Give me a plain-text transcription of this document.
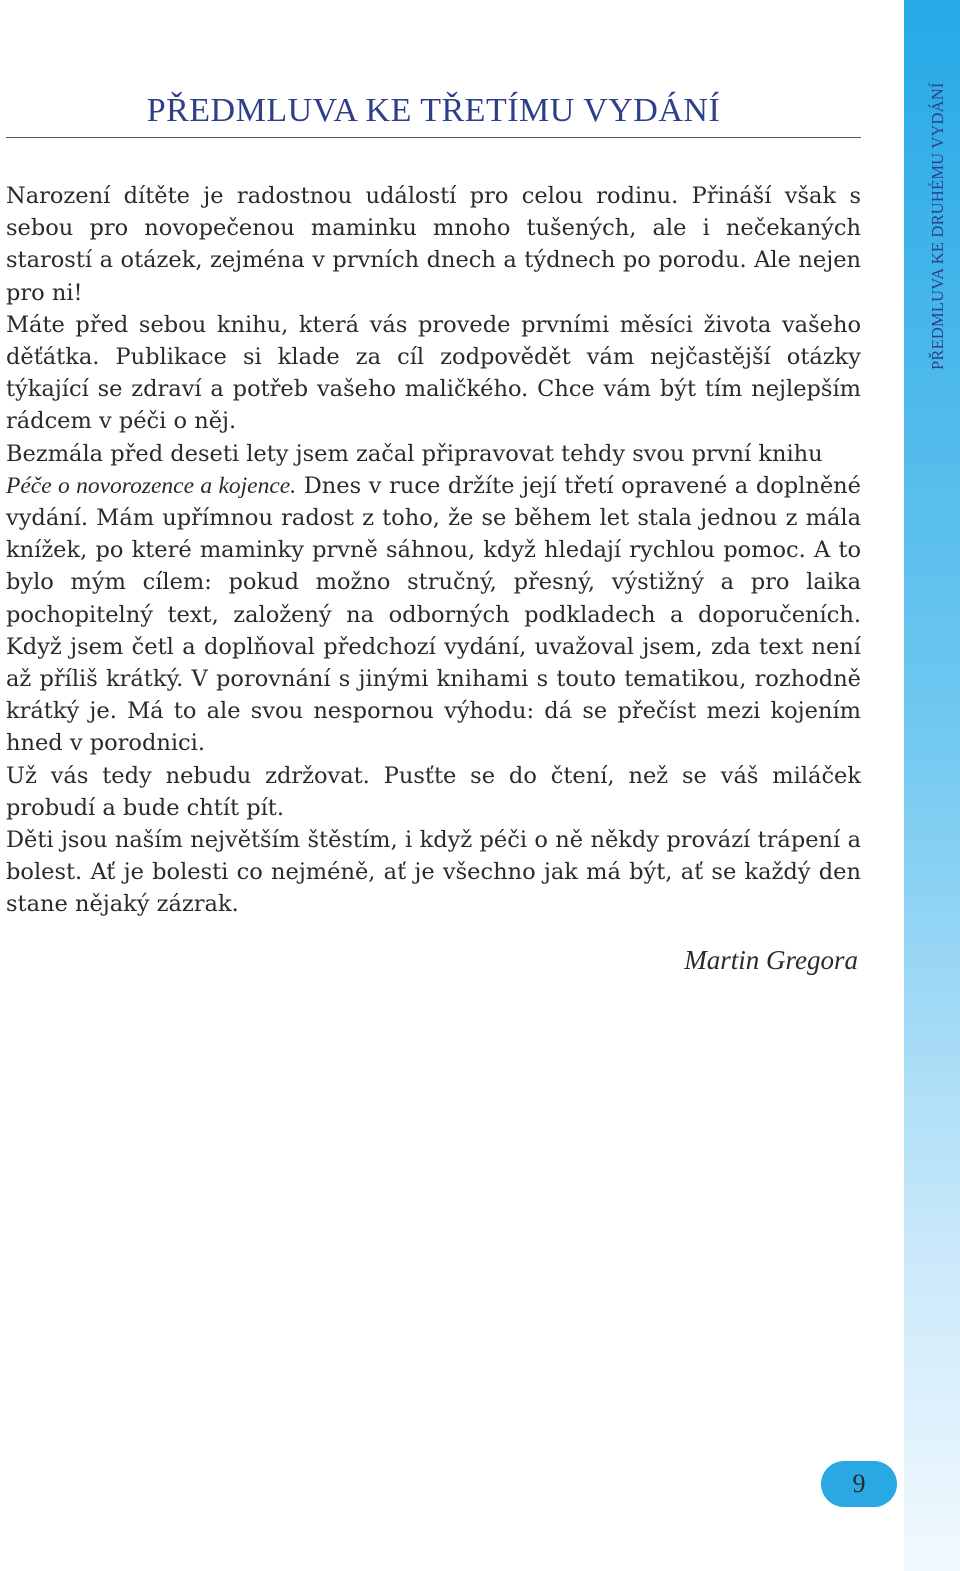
PŘEDMLUVA KE TŘETÍMU VYDÁNÍ

Narození dítěte je radostnou událostí pro celou rodinu. Přináší však s sebou pro novopečenou maminku mnoho tušených, ale i nečekaných starostí a otázek, zejména v prvních dnech a týdnech po porodu. Ale nejen pro ni!

Máte před sebou knihu, která vás provede prvními měsíci života vašeho děťátka. Publikace si klade za cíl zodpovědět vám nejčastější otázky týkající se zdraví a potřeb vašeho maličkého. Chce vám být tím nejlepším rádcem v péči o něj.

Bezmála před deseti lety jsem začal připravovat tehdy svou první knihu
Péče o novorozence a kojence. Dnes v ruce držíte její třetí opravené a doplněné vydání. Mám upřímnou radost z toho, že se během let stala jednou z mála knížek, po které maminky prvně sáhnou, když hledají rychlou pomoc. A to bylo mým cílem: pokud možno stručný, přesný, výstižný a pro laika pochopitelný text, založený na odborných podkladech a doporučeních. Když jsem četl a doplňoval předchozí vydání, uvažoval jsem, zda text není až příliš krátký. V porovnání s jinými knihami s touto tematikou, rozhodně krátký je. Má to ale svou nespornou výhodu: dá se přečíst mezi kojením hned v porodnici.

Už vás tedy nebudu zdržovat. Pusťte se do čtení, než se váš miláček probudí a bude chtít pít.

Děti jsou naším největším štěstím, i když péči o ně někdy provází trápení a bolest. Ať je bolesti co nejméně, ať je všechno jak má být, ať se každý den stane nějaký zázrak.

Martin Gregora
PŘEDMLUVA KE DRUHÉMU VYDÁNÍ
9
